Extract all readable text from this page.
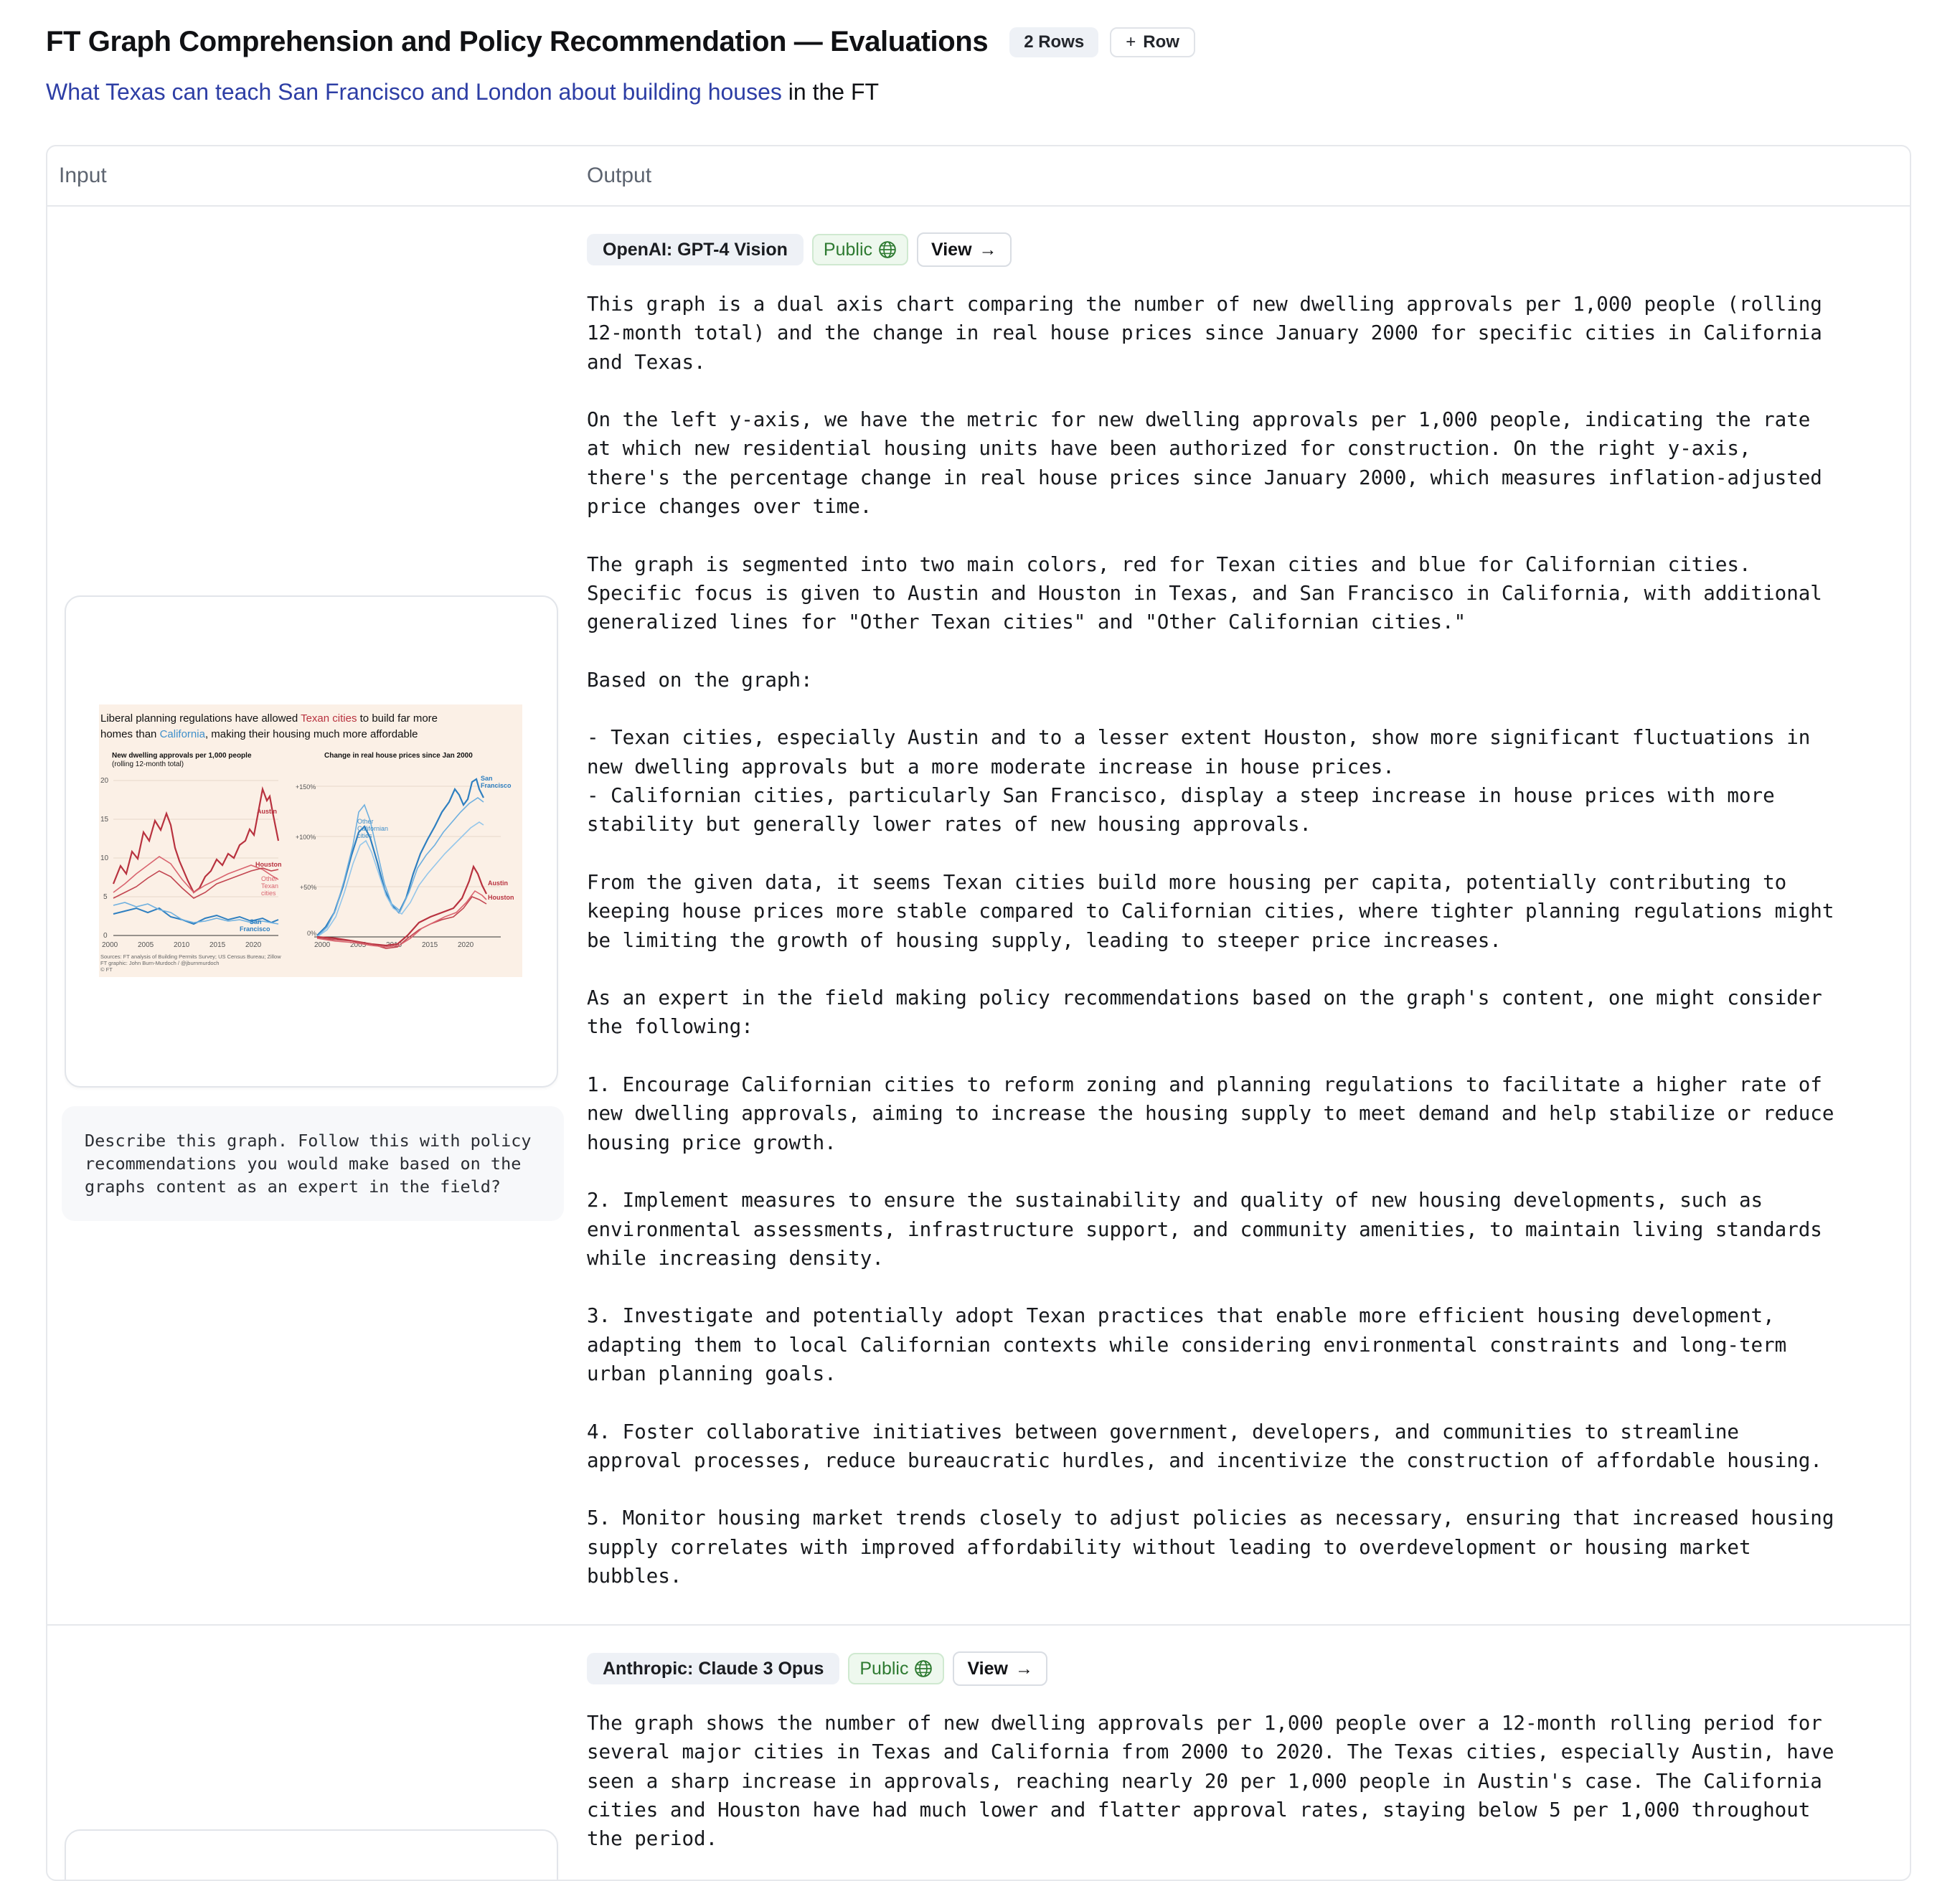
FT Graph Comprehension and Policy Recommendation — Evaluations	2 Rows	+ Row
What Texas can teach San Francisco and London about building houses in the FT
Input	Output
Liberal planning regulations have allowed Texan cities to build far more
homes than California, making their housing much more affordable
New dwelling approvals per 1,000 people
(rolling 12-month total)
Change in real house prices since Jan 2000
20
15
10
5
0
2000	2005	2010	2015	2020
Austin
Houston
Other
Texan
cities
San
Francisco
+150%
+100%
+50%
0%
2000	2005	2010	2015	2020
San
Francisco
Other
Californian
cities
Austin
Houston
Sources: FT analysis of Building Permits Survey; US Census Bureau; Zillow
FT graphic: John Burn-Murdoch / @jburnmurdoch
© FT
Describe this graph. Follow this with policy recommendations you would make based on the graphs content as an expert in the field?
OpenAI: GPT-4 Vision	Public	View →

This graph is a dual axis chart comparing the number of new dwelling approvals per 1,000 people (rolling
12-month total) and the change in real house prices since January 2000 for specific cities in California
and Texas.

On the left y-axis, we have the metric for new dwelling approvals per 1,000 people, indicating the rate
at which new residential housing units have been authorized for construction. On the right y-axis,
there's the percentage change in real house prices since January 2000, which measures inflation-adjusted
price changes over time.

The graph is segmented into two main colors, red for Texan cities and blue for Californian cities.
Specific focus is given to Austin and Houston in Texas, and San Francisco in California, with additional
generalized lines for "Other Texan cities" and "Other Californian cities."

Based on the graph:

- Texan cities, especially Austin and to a lesser extent Houston, show more significant fluctuations in
new dwelling approvals but a more moderate increase in house prices.
- Californian cities, particularly San Francisco, display a steep increase in house prices with more
stability but generally lower rates of new housing approvals.

From the given data, it seems Texan cities build more housing per capita, potentially contributing to
keeping house prices more stable compared to Californian cities, where tighter planning regulations might
be limiting the growth of housing supply, leading to steeper price increases.

As an expert in the field making policy recommendations based on the graph's content, one might consider
the following:

1. Encourage Californian cities to reform zoning and planning regulations to facilitate a higher rate of
new dwelling approvals, aiming to increase the housing supply to meet demand and help stabilize or reduce
housing price growth.

2. Implement measures to ensure the sustainability and quality of new housing developments, such as
environmental assessments, infrastructure support, and community amenities, to maintain living standards
while increasing density.

3. Investigate and potentially adopt Texan practices that enable more efficient housing development,
adapting them to local Californian contexts while considering environmental constraints and long-term
urban planning goals.

4. Foster collaborative initiatives between government, developers, and communities to streamline
approval processes, reduce bureaucratic hurdles, and incentivize the construction of affordable housing.

5. Monitor housing market trends closely to adjust policies as necessary, ensuring that increased housing
supply correlates with improved affordability without leading to overdevelopment or housing market
bubbles.

Anthropic: Claude 3 Opus	Public	View →

The graph shows the number of new dwelling approvals per 1,000 people over a 12-month rolling period for
several major cities in Texas and California from 2000 to 2020. The Texas cities, especially Austin, have
seen a sharp increase in approvals, reaching nearly 20 per 1,000 people in Austin's case. The California
cities and Houston have had much lower and flatter approval rates, staying below 5 per 1,000 throughout
the period.
